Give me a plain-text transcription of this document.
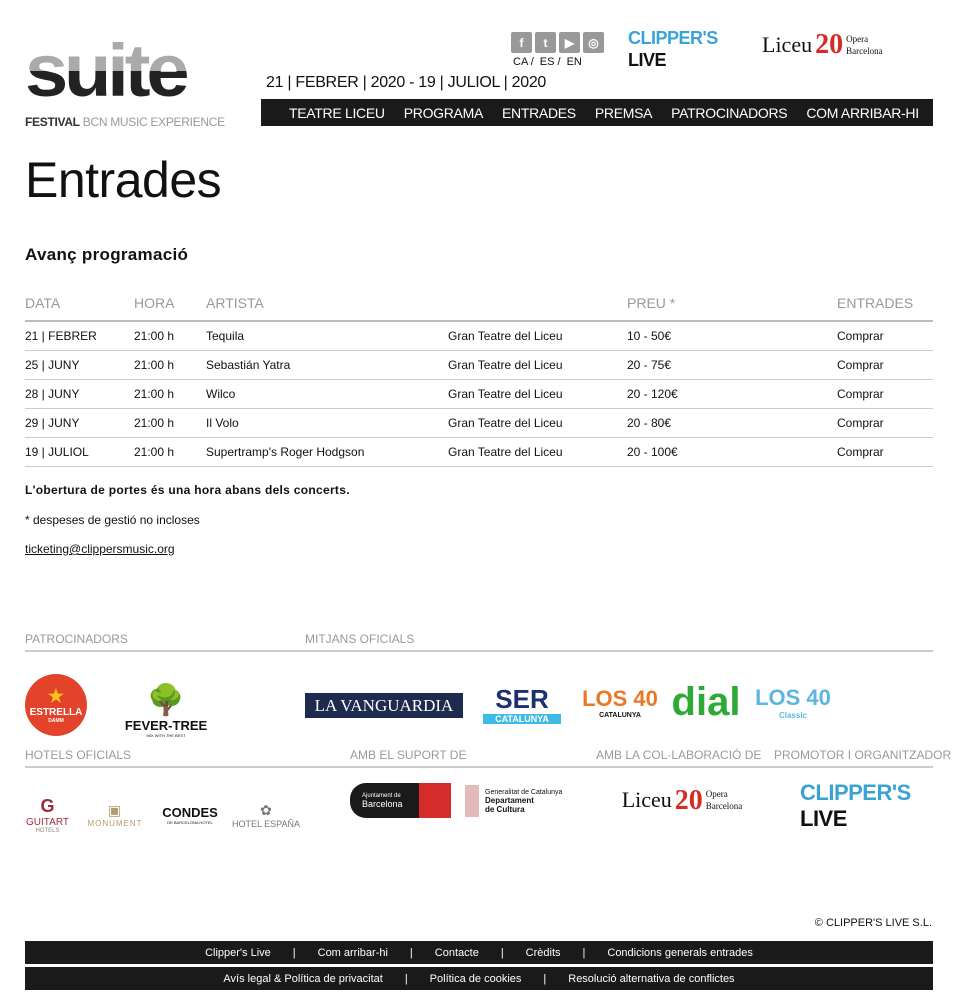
suite
FESTIVAL BCN MUSIC EXPERIENCE
f	t	▶	◎
CA / ES / EN
21 | FEBRER | 2020 - 19 | JULIOL | 2020
CLIPPER'S
LIVE
Liceu 20 Opera
Barcelona
TEATRE LICEU PROGRAMA ENTRADES PREMSA PATROCINADORS COM ARRIBAR-HI
Entrades
Avanç programació
DATA	HORA	ARTISTA		PREU *	ENTRADES
21 | FEBRER	21:00 h	Tequila	Gran Teatre del Liceu	10 - 50€	Comprar
25 | JUNY	21:00 h	Sebastián Yatra	Gran Teatre del Liceu	20 - 75€	Comprar
28 | JUNY	21:00 h	Wilco	Gran Teatre del Liceu	20 - 120€	Comprar
29 | JUNY	21:00 h	Il Volo	Gran Teatre del Liceu	20 - 80€	Comprar
19 | JULIOL	21:00 h	Supertramp's Roger Hodgson	Gran Teatre del Liceu	20 - 100€	Comprar
L'obertura de portes és una hora abans dels concerts.
* despeses de gestió no incloses
ticketing@clippersmusic.org
PATROCINADORS	MITJANS OFICIALS
★
ESTRELLA
DAMM
🌳
FEVER-TREE
MIX WITH THE BEST
LA VANGUARDIA	SER
CATALUNYA
LOS 40
CATALUNYA dial LOS 40
Classic
HOTELS OFICIALS	AMB EL SUPORT DE	AMB LA COL·LABORACIÓ DE PROMOTOR I ORGANITZADOR
G
GUITART
HOTELS
▣
MONUMENT
CONDES
DE BARCELONA HOTEL
✿
HOTEL ESPAÑA
Ajuntament de
Barcelona
Generalitat de Catalunya
Departament
de Cultura	Liceu 20 Opera
Barcelona
CLIPPER'S
LIVE
© CLIPPER'S LIVE S.L.
Clipper's Live | Com arribar-hi | Contacte | Crèdits | Condicions generals entrades
Avís legal & Política de privacitat | Política de cookies | Resolució alternativa de conflictes
